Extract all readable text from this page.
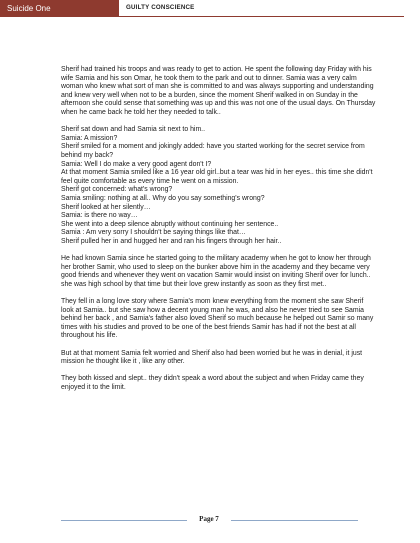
Suicide One	GUILTY CONSCIENCE

Sherif had trained his troops and was ready to get to action. He spent the following day Friday with his wife Samia and his son Omar, he took them to the park and out to dinner. Samia was a very calm woman who knew what sort of man she is committed to and was always supporting and understanding and knew very well when not to be a burden, since the moment Sherif walked in on Sunday in the afternoon she could sense that something was up and this was not one of the usual days. On Thursday when he came back he told her they needed to talk..

Sherif sat down and had Samia sit next to him..
Samia: A mission?
Sherif smiled for a moment and jokingly added: have you started working for the secret service from behind my back?
Samia: Well I do make a very good agent don't I?
At that moment Samia smiled like a 16 year old girl..but a tear was hid in her eyes.. this time she didn't feel quite comfortable as every time he went on a mission.
Sherif got concerned: what's wrong?
Samia smiling: nothing at all.. Why do you say something's wrong?
Sherif looked at her silently…
Samia: is there no way…
She went into a deep silence abruptly without continuing her sentence..
Samia : Am very sorry I shouldn't be saying things like that…
Sherif pulled her in and hugged her and ran his fingers through her hair..

He had known Samia since he started going to the military academy when he got to know her through her brother Samir, who used to sleep on the bunker above him in the academy and they became very good friends and whenever they went on vacation Samir would insist on inviting Sherif over for lunch.. she was high school by that time but their love grew instantly as soon as they first met..

They fell in a long love story where Samia's mom knew everything from the moment she saw Sherif look at Samia.. but she saw how a decent young man he was, and also he never tried to see Samia behind her back , and Samia's father also loved Sherif so much because he helped out Samir so many times with his studies and proved to be one of the best friends Samir has had if not the best at all throughout his life.

But at that moment Samia felt worried and Sherif also had been worried but he was in denial, it just mission he thought like it , like any other.

They both kissed and slept.. they didn't speak a word about the subject and when Friday came they enjoyed it to the limit.

Page 7
